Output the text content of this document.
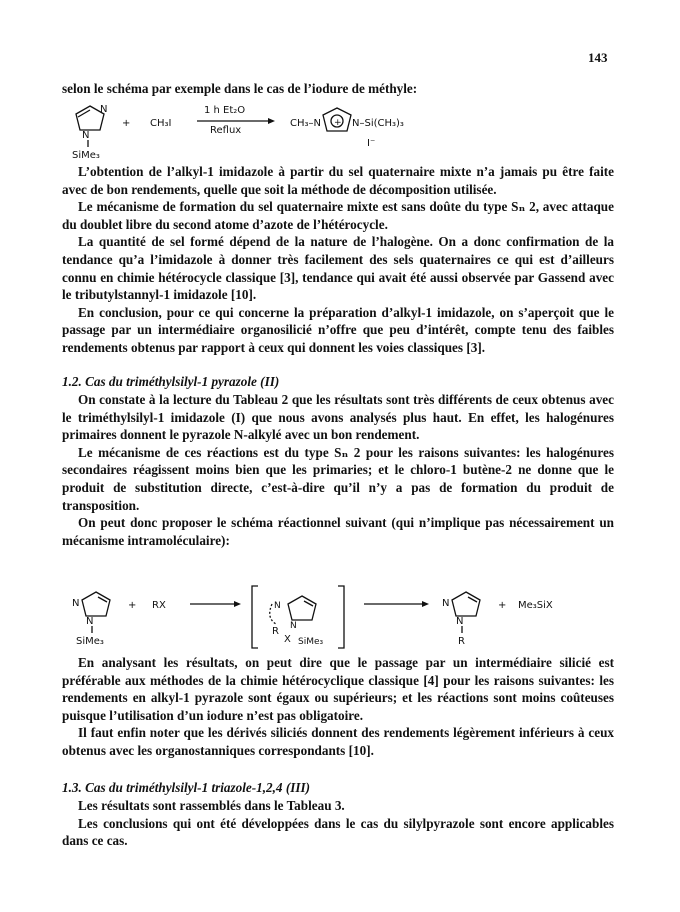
143

selon le schéma par exemple dans le cas de l’iodure de méthyle:

N
N
SiMe₃
+ CH₃I
1 h Et₂O
Reflux
CH₃–N + N–Si(CH₃)₃
I⁻

L’obtention de l’alkyl-1 imidazole à partir du sel quaternaire mixte n’a jamais pu être faite avec de bon rendements, quelle que soit la méthode de décomposition utilisée.

Le mécanisme de formation du sel quaternaire mixte est sans doûte du type Sₙ 2, avec attaque du doublet libre du second atome d’azote de l’hétérocycle.

La quantité de sel formé dépend de la nature de l’halogène. On a donc confirmation de la tendance qu’a l’imidazole à donner très facilement des sels quaternaires ce qui est d’ailleurs connu en chimie hétérocycle classique [3], tendance qui avait été aussi observée par Gassend avec le tributylstannyl-1 imidazole [10].

En conclusion, pour ce qui concerne la préparation d’alkyl-1 imidazole, on s’aperçoit que le passage par un intermédiaire organosilicié n’offre que peu d’intérêt, compte tenu des faibles rendements obtenus par rapport à ceux qui donnent les voies classiques [3].

1.2. Cas du triméthylsilyl-1 pyrazole (II)

On constate à la lecture du Tableau 2 que les résultats sont très différents de ceux obtenus avec le triméthylsilyl-1 imidazole (I) que nous avons analysés plus haut. En effet, les halogénures primaires donnent le pyrazole N-alkylé avec un bon rendement.

Le mécanisme de ces réactions est du type Sₙ 2 pour les raisons suivantes: les halogénures secondaires réagissent moins bien que les primaries; et le chloro-1 butène-2 ne donne que le produit de substitution directe, c’est-à-dire qu’il n’y a pas de formation du produit de transposition.

On peut donc proposer le schéma réactionnel suivant (qui n’implique pas nécessairement un mécanisme intramoléculaire):

N
N
SiMe₃
+ RX	N
N
R
X SiMe₃
N
N
R
+ Me₃SiX

En analysant les résultats, on peut dire que le passage par un intermédiaire silicié est préférable aux méthodes de la chimie hétérocyclique classique [4] pour les raisons suivantes: les rendements en alkyl-1 pyrazole sont égaux ou supérieurs; et les réactions sont moins coûteuses puisque l’utilisation d’un iodure n’est pas obligatoire.

Il faut enfin noter que les dérivés siliciés donnent des rendements légèrement inférieurs à ceux obtenus avec les organostanniques correspondants [10].

1.3. Cas du triméthylsilyl-1 triazole-1,2,4 (III)

Les résultats sont rassemblés dans le Tableau 3.

Les conclusions qui ont été développées dans le cas du silylpyrazole sont encore applicables dans ce cas.
